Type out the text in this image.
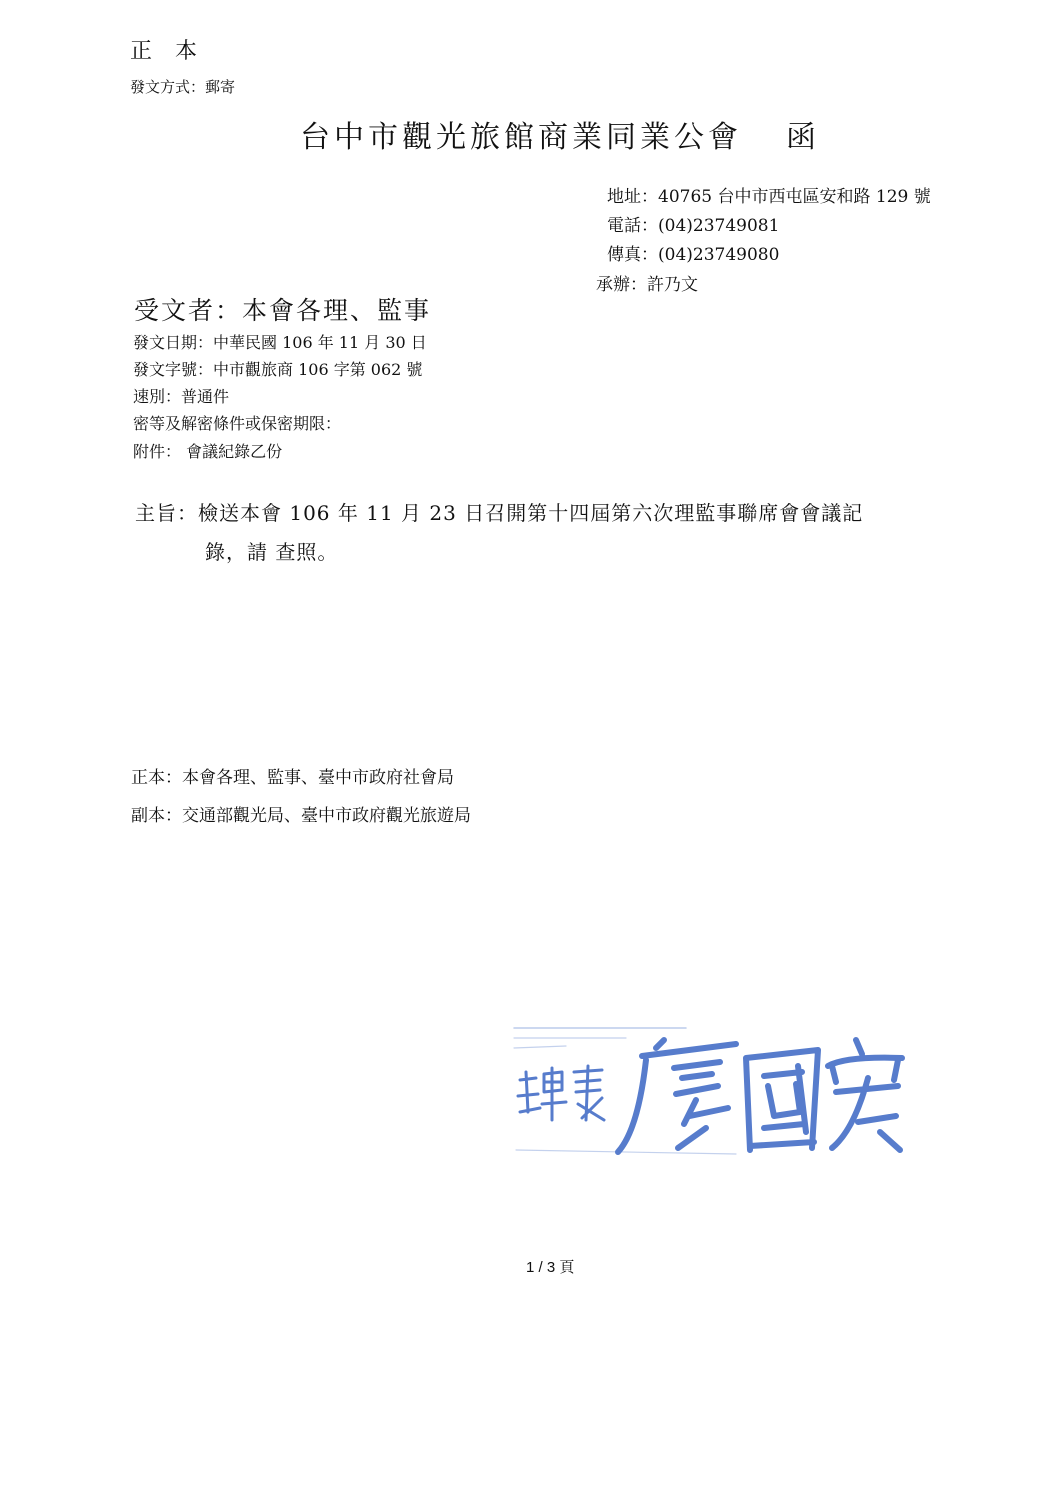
正 本
發文方式：郵寄
台中市觀光旅館商業同業公會 函
地址：40765 台中市西屯區安和路 129 號
電話：(04)23749081
傳真：(04)23749080
承辦：許乃文
受文者：本會各理、監事
發文日期：中華民國 106 年 11 月 30 日
發文字號：中市觀旅商 106 字第 062 號
速別：普通件
密等及解密條件或保密期限：
附件： 會議紀錄乙份
主旨：檢送本會 106 年 11 月 23 日召開第十四屆第六次理監事聯席會會議記
錄，請 查照。
正本：本會各理、監事、臺中市政府社會局
副本：交通部觀光局、臺中市政府觀光旅遊局
1 / 3 頁
